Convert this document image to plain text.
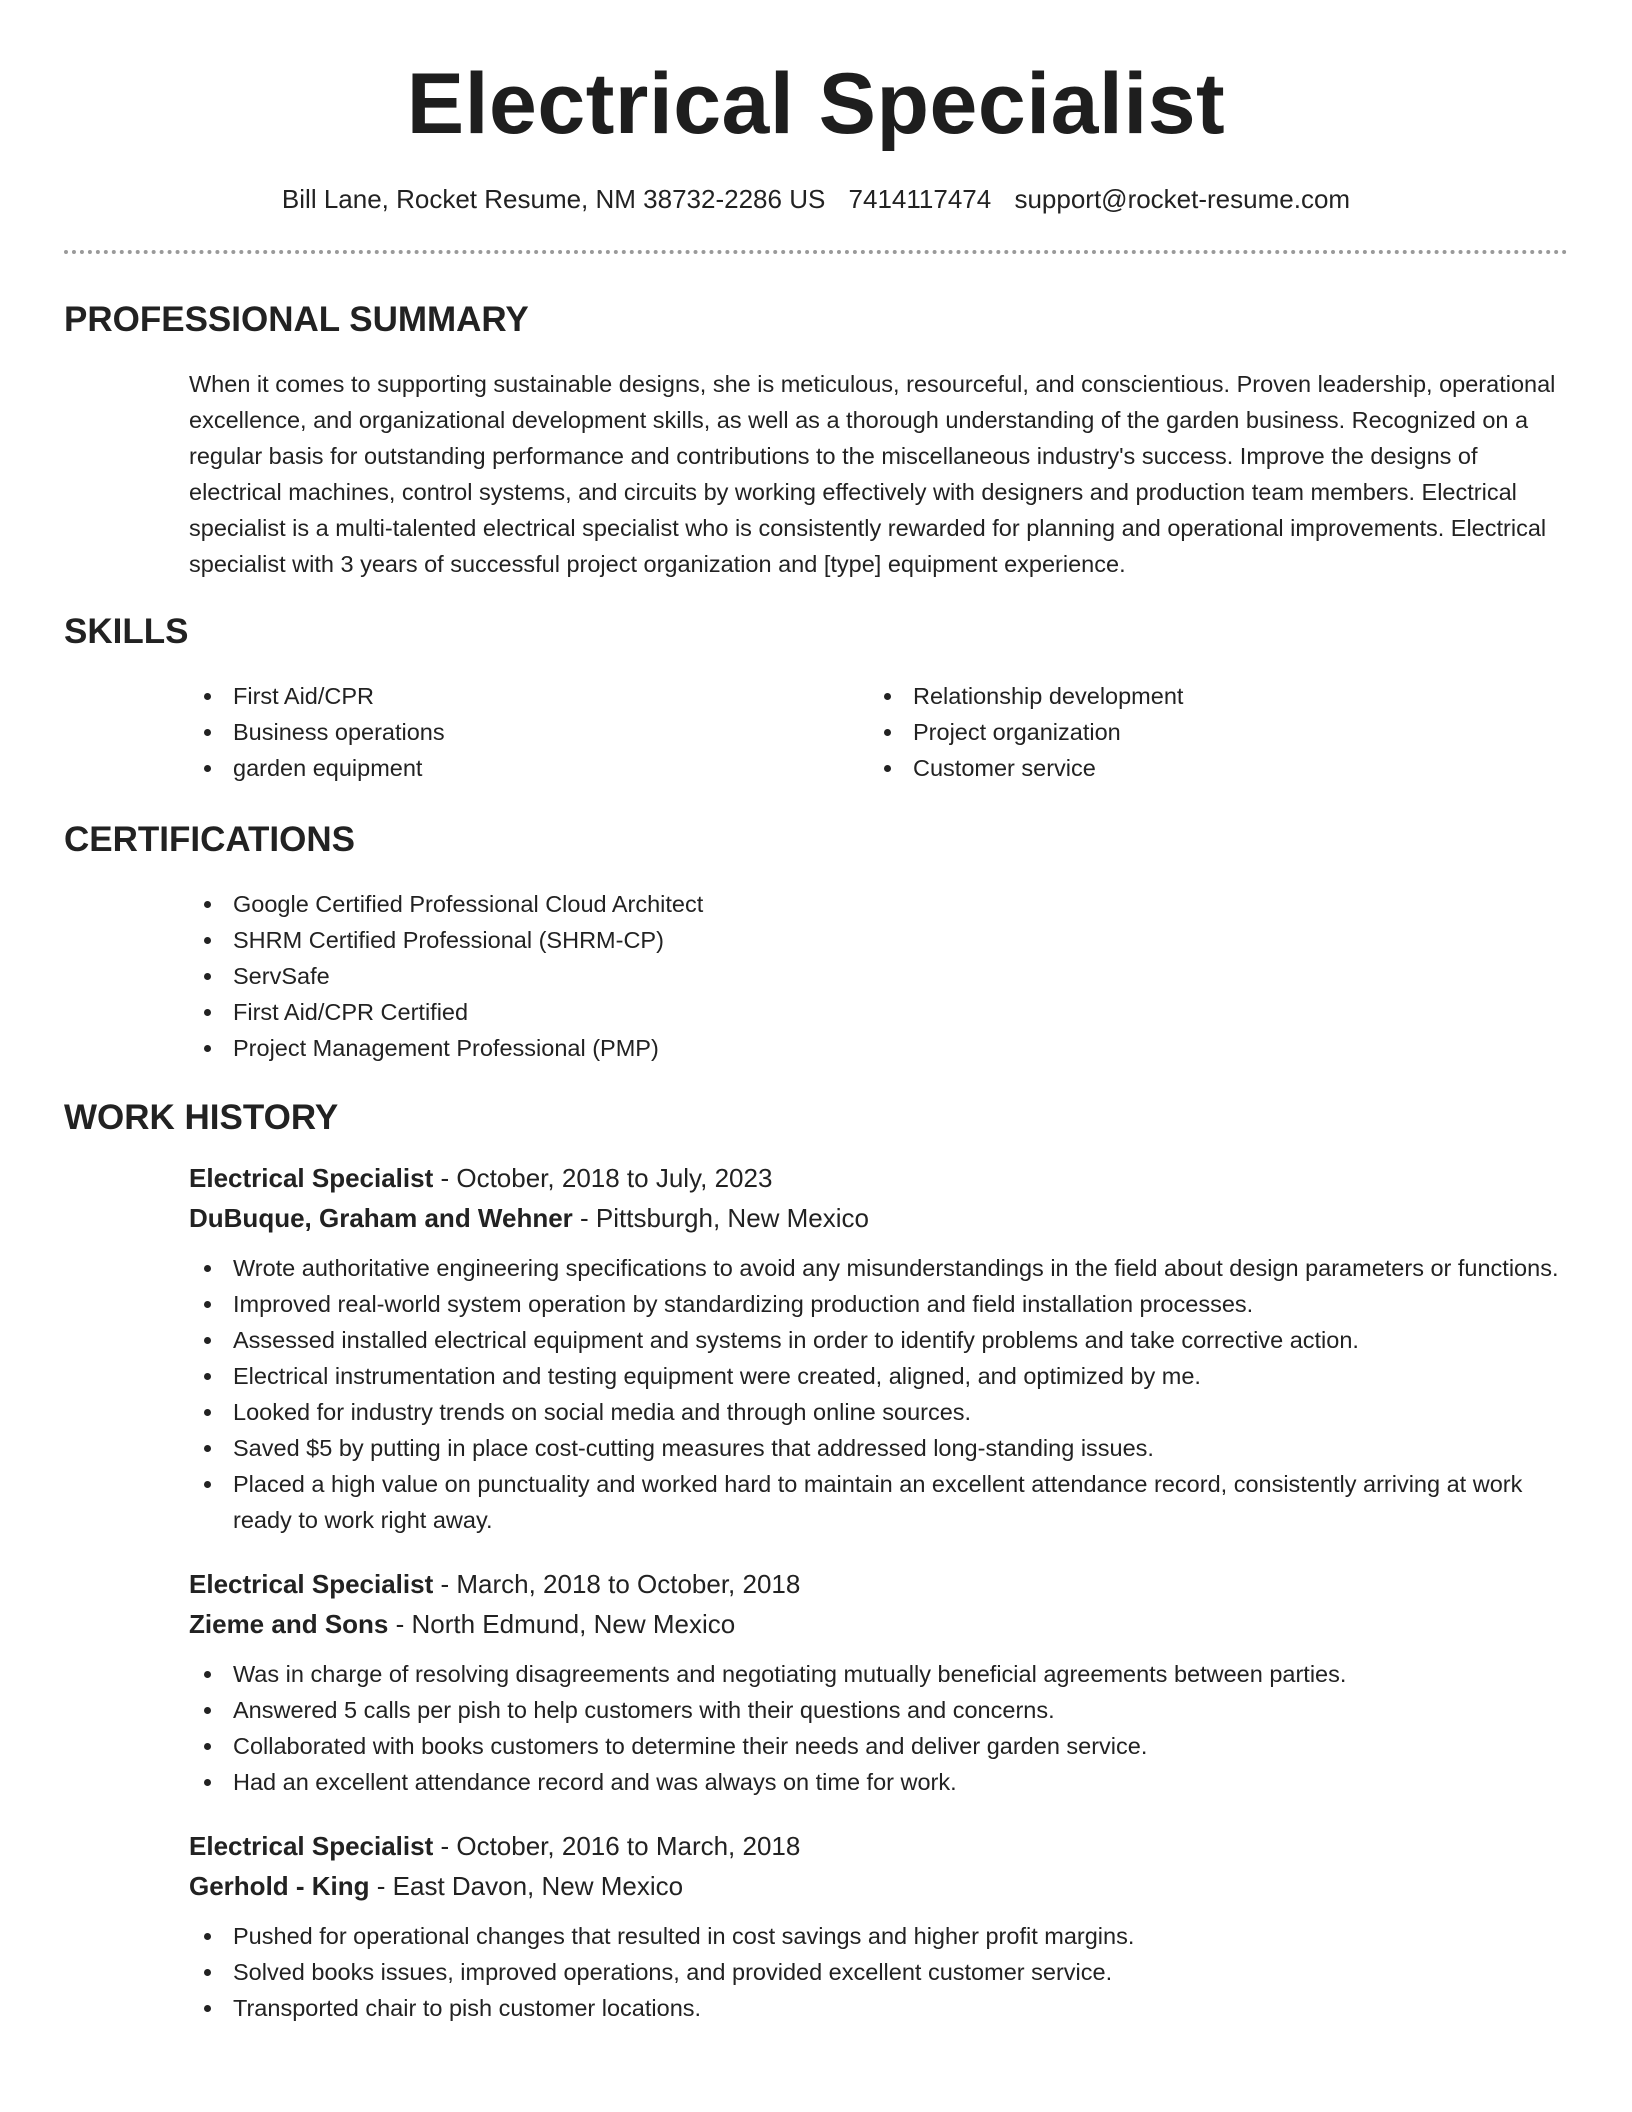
Electrical Specialist
Bill Lane, Rocket Resume, NM 38732-2286 US 7414117474 support@rocket-resume.com
PROFESSIONAL SUMMARY

When it comes to supporting sustainable designs, she is meticulous, resourceful, and conscientious. Proven leadership, operational excellence, and organizational development skills, as well as a thorough understanding of the garden business. Recognized on a regular basis for outstanding performance and contributions to the miscellaneous industry's success. Improve the designs of electrical machines, control systems, and circuits by working effectively with designers and production team members. Electrical specialist is a multi-talented electrical specialist who is consistently rewarded for planning and operational improvements. Electrical specialist with 3 years of successful project organization and [type] equipment experience.

SKILLS
First Aid/CPR
Business operations
garden equipment
Relationship development
Project organization
Customer service
CERTIFICATIONS
Google Certified Professional Cloud Architect
SHRM Certified Professional (SHRM-CP)
ServSafe
First Aid/CPR Certified
Project Management Professional (PMP)
WORK HISTORY
Electrical Specialist - October, 2018 to July, 2023
DuBuque, Graham and Wehner - Pittsburgh, New Mexico
Wrote authoritative engineering specifications to avoid any misunderstandings in the field about design parameters or functions.
Improved real-world system operation by standardizing production and field installation processes.
Assessed installed electrical equipment and systems in order to identify problems and take corrective action.
Electrical instrumentation and testing equipment were created, aligned, and optimized by me.
Looked for industry trends on social media and through online sources.
Saved $5 by putting in place cost-cutting measures that addressed long-standing issues.
Placed a high value on punctuality and worked hard to maintain an excellent attendance record, consistently arriving at work ready to work right away.
Electrical Specialist - March, 2018 to October, 2018
Zieme and Sons - North Edmund, New Mexico
Was in charge of resolving disagreements and negotiating mutually beneficial agreements between parties.
Answered 5 calls per pish to help customers with their questions and concerns.
Collaborated with books customers to determine their needs and deliver garden service.
Had an excellent attendance record and was always on time for work.
Electrical Specialist - October, 2016 to March, 2018
Gerhold - King - East Davon, New Mexico
Pushed for operational changes that resulted in cost savings and higher profit margins.
Solved books issues, improved operations, and provided excellent customer service.
Transported chair to pish customer locations.
